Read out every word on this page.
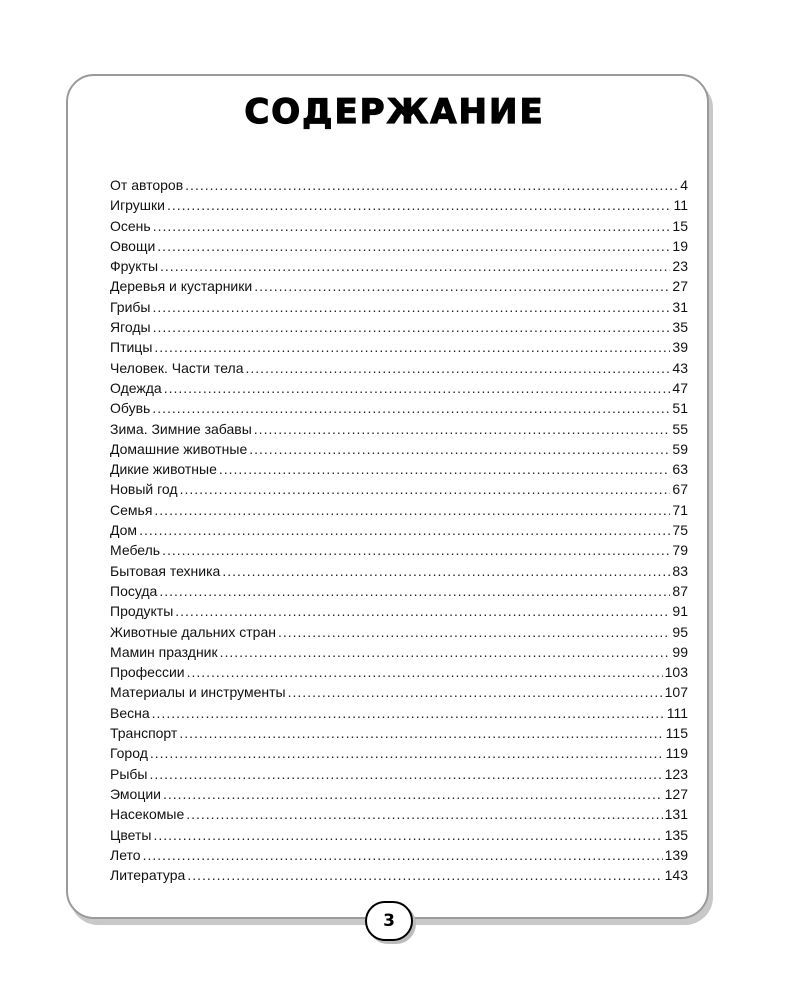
СОДЕРЖАНИЕ
От авторов .....	4
Игрушки .....	11
Осень .....	15
Овощи .....	19
Фрукты .....	23
Деревья и кустарники .....	27
Грибы .....	31
Ягоды .....	35
Птицы .....	39
Человек. Части тела .....	43
Одежда .....	47
Обувь .....	51
Зима. Зимние забавы .....	55
Домашние животные .....	59
Дикие животные .....	63
Новый год .....	67
Семья .....	71
Дом .....	75
Мебель .....	79
Бытовая техника .....	83
Посуда .....	87
Продукты .....	91
Животные дальних стран .....	95
Мамин праздник .....	99
Профессии .....	103
Материалы и инструменты .....	107
Весна .....	111
Транспорт .....	115
Город .....	119
Рыбы .....	123
Эмоции .....	127
Насекомые .....	131
Цветы .....	135
Лето .....	139
Литература .....	143
3
